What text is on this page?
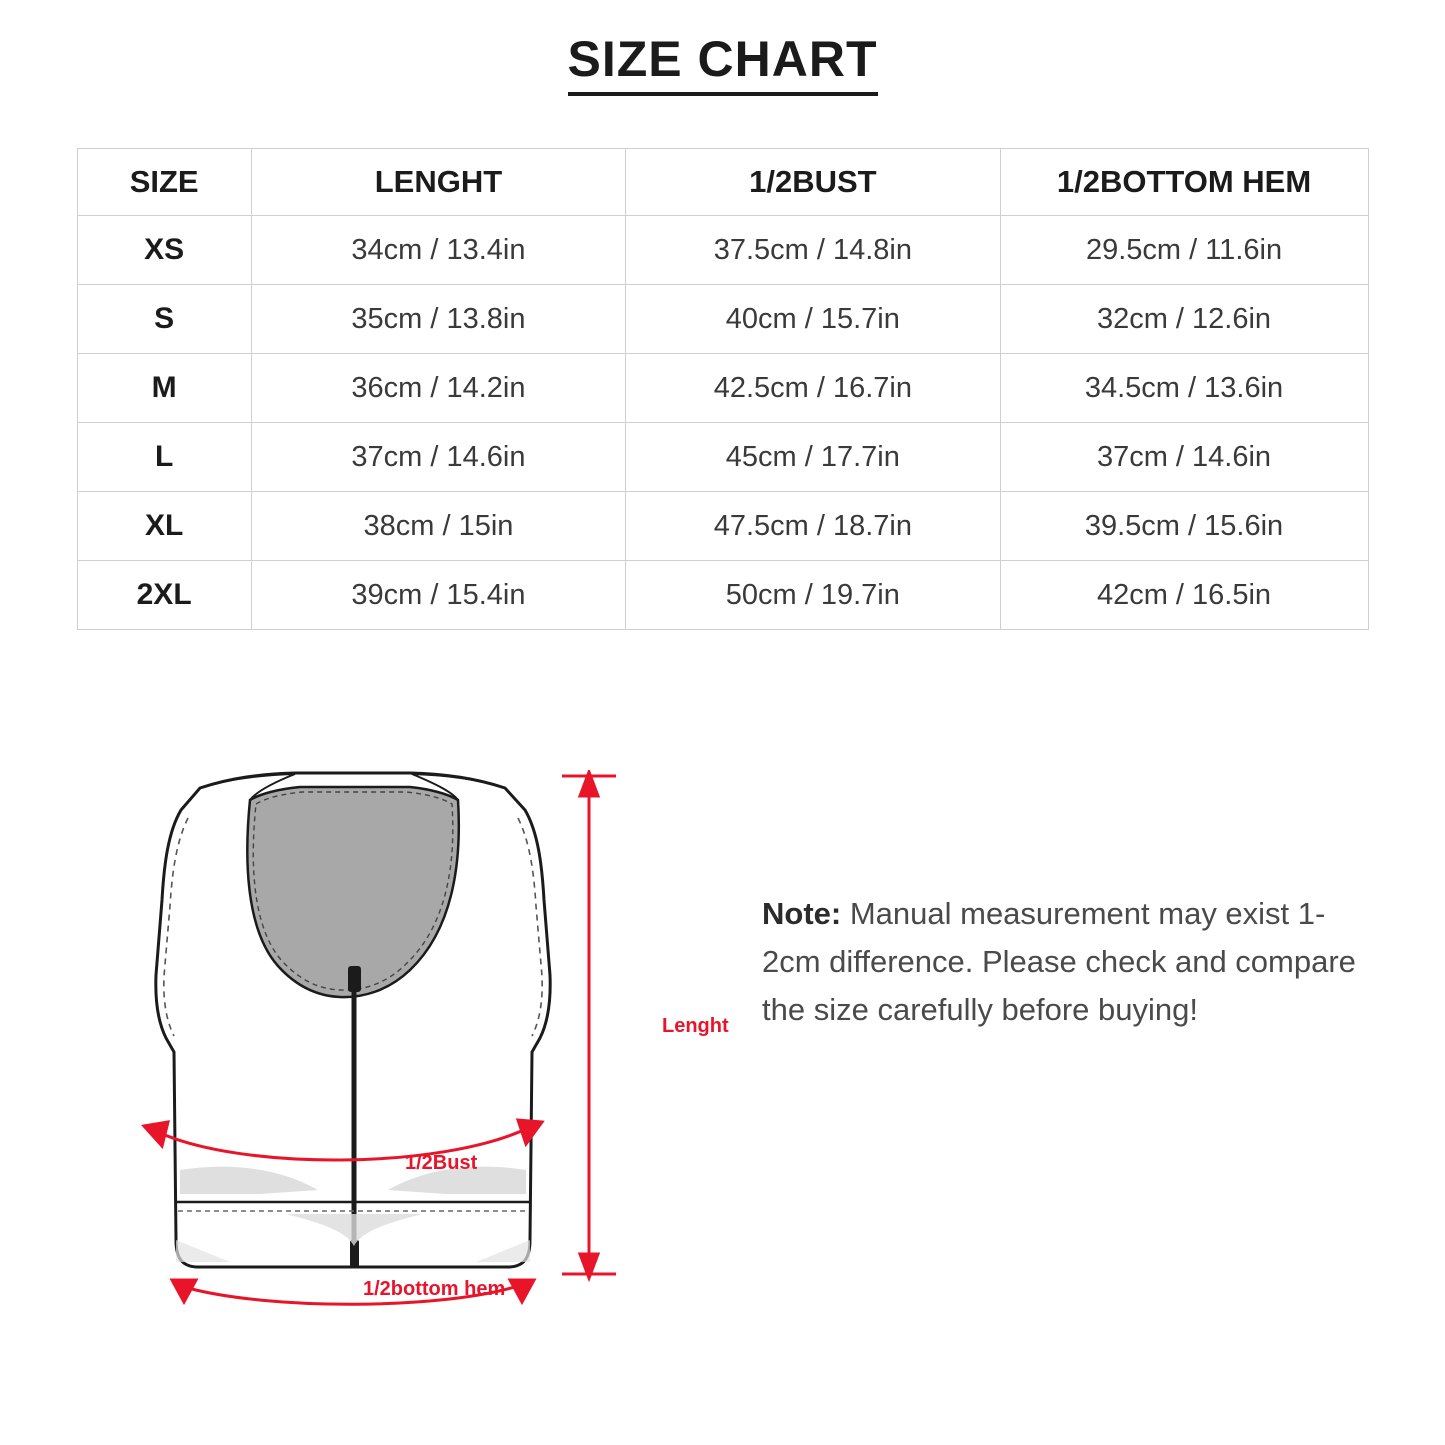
SIZE CHART
SIZE	LENGHT	1/2BUST	1/2BOTTOM HEM
XS	34cm / 13.4in	37.5cm / 14.8in	29.5cm / 11.6in
S	35cm / 13.8in	40cm / 15.7in	32cm / 12.6in
M	36cm / 14.2in	42.5cm / 16.7in	34.5cm / 13.6in
L	37cm / 14.6in	45cm / 17.7in	37cm / 14.6in
XL	38cm / 15in	47.5cm / 18.7in	39.5cm / 15.6in
2XL	39cm / 15.4in	50cm / 19.7in	42cm / 16.5in
Lenght
1/2Bust
1/2bottom hem
Note: Manual measurement may exist 1-2cm difference. Please check and compare the size carefully before buying!
